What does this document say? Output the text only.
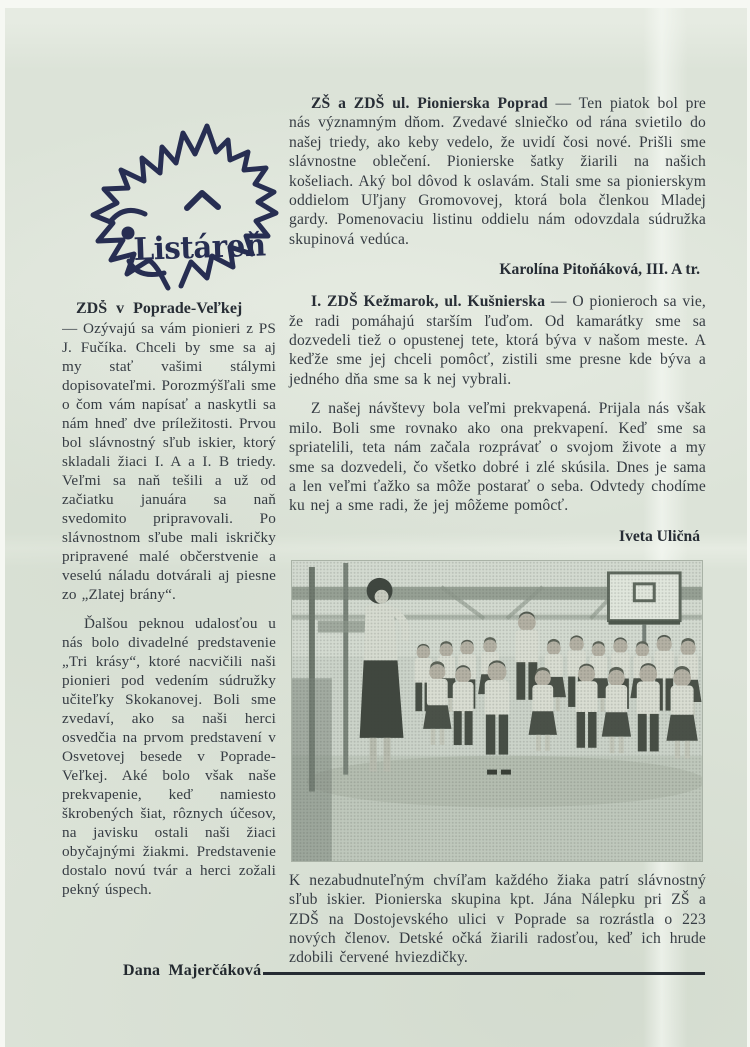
Listáreň
ZDŠ v Poprade-Veľkej

— Ozývajú sa vám pionieri z PS J. Fučíka. Chceli by sme sa aj my stať vašimi stálymi dopisovateľmi. Porozmýšľali sme o čom vám napísať a naskytli sa nám hneď dve príležitosti. Prvou bol slávnostný sľub iskier, ktorý skladali žiaci I. A a I. B triedy. Veľmi sa naň tešili a už od začiatku januára sa naň svedomito pripravovali. Po slávnostnom sľube mali iskričky pripravené malé občerstvenie a veselú náladu dotvárali aj piesne zo „Zlatej brány“.

Ďalšou peknou udalosťou u nás bolo divadelné predstavenie „Tri krásy“, ktoré nacvičili naši pionieri pod vedením súdružky učiteľky Skokanovej. Boli sme zvedaví, ako sa naši herci osvedčia na prvom predstavení v Osvetovej besede v Poprade-Veľkej. Aké bolo však naše prekvapenie, keď namiesto škrobených šiat, rôznych účesov, na javisku ostali naši žiaci obyčajnými žiakmi. Predstavenie dostalo novú tvár a herci zožali pekný úspech.

ZŠ a ZDŠ ul. Pionierska Poprad — Ten piatok bol pre nás významným dňom. Zvedavé slniečko od rána svietilo do našej triedy, ako keby vedelo, že uvidí čosi nové. Prišli sme slávnostne oblečení. Pionierske šatky žiarili na našich košeliach. Aký bol dôvod k oslavám. Stali sme sa pionierskym oddielom Uľjany Gromovovej, ktorá bola členkou Mladej gardy. Pomenovaciu listinu oddielu nám odovzdala súdružka skupinová vedúca.

Karolína Pitoňáková, III. A tr.

I. ZDŠ Kežmarok, ul. Kušnierska — O pionieroch sa vie, že radi pomáhajú starším ľuďom. Od kamarátky sme sa dozvedeli tiež o opustenej tete, ktorá býva v našom meste. A keďže sme jej chceli pomôcť, zistili sme presne kde býva a jedného dňa sme sa k nej vybrali.

Z našej návštevy bola veľmi prekvapená. Prijala nás však milo. Boli sme rovnako ako ona prekvapení. Keď sme sa spriatelili, teta nám začala rozprávať o svojom živote a my sme sa dozvedeli, čo všetko dobré i zlé skúsila. Dnes je sama a len veľmi ťažko sa môže postarať o seba. Odvtedy chodíme ku nej a sme radi, že jej môžeme pomôcť.

Iveta Uličná
K nezabudnuteľným chvíľam každého žiaka patrí slávnostný sľub iskier. Pionierska skupina kpt. Jána Nálepku pri ZŠ a ZDŠ na Dostojevského ulici v Poprade sa rozrástla o 223 nových členov. Detské očká žiarili radosťou, keď ich hrude zdobili červené hviezdičky.
Dana Majerčáková
